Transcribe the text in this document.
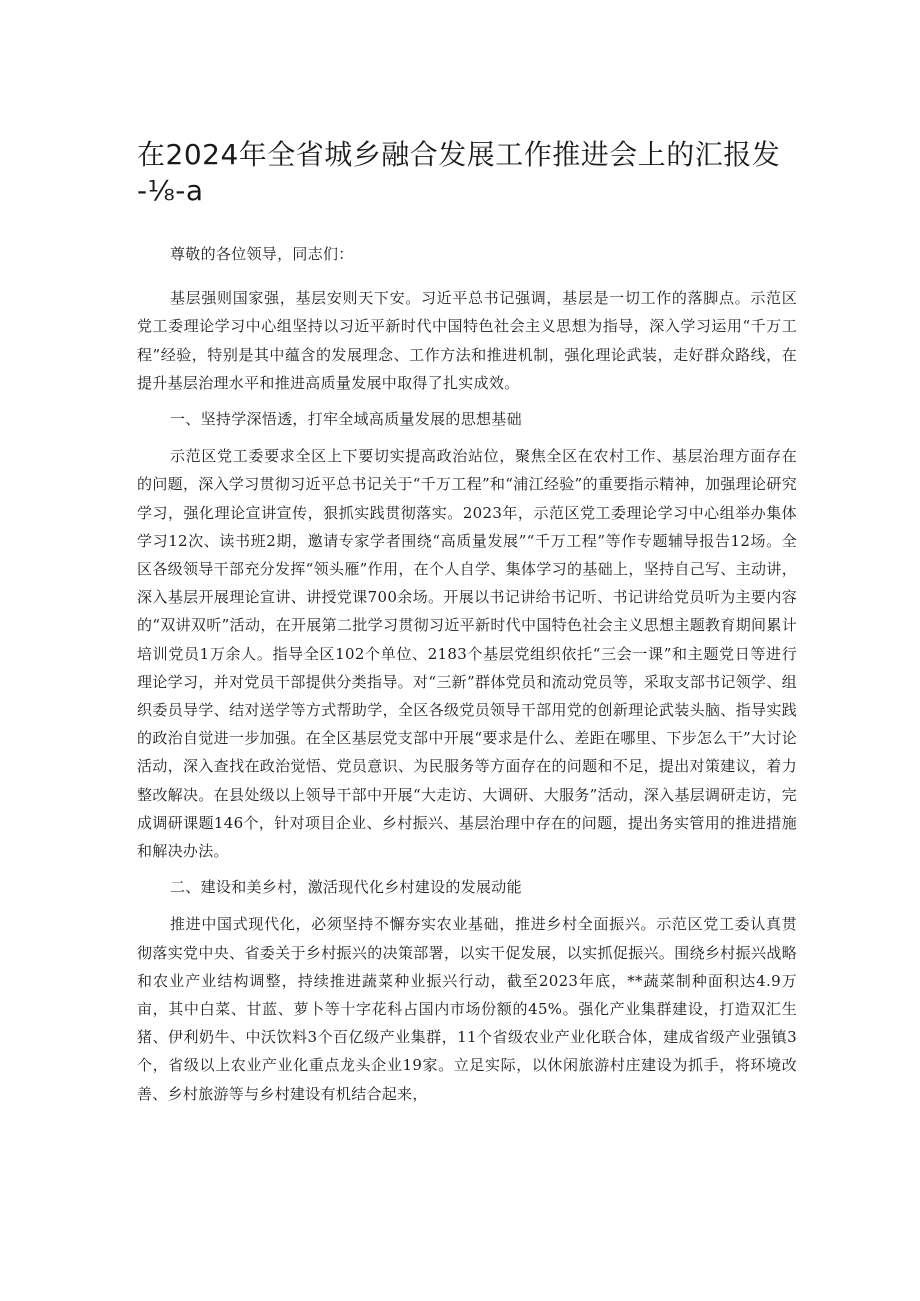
在2024年全省城乡融合发展工作推进会上的汇报发
-⅛-a

尊敬的各位领导，同志们：

基层强则国家强，基层安则天下安。习近平总书记强调，基层是一切工作的落脚点。示范区党工委理论学习中心组坚持以习近平新时代中国特色社会主义思想为指导，深入学习运用“千万工程”经验，特别是其中蕴含的发展理念、工作方法和推进机制，强化理论武装，走好群众路线，在提升基层治理水平和推进高质量发展中取得了扎实成效。

一、坚持学深悟透，打牢全域高质量发展的思想基础

示范区党工委要求全区上下要切实提高政治站位，聚焦全区在农村工作、基层治理方面存在的问题，深入学习贯彻习近平总书记关于“千万工程”和“浦江经验”的重要指示精神，加强理论研究学习，强化理论宣讲宣传，狠抓实践贯彻落实。2023年，示范区党工委理论学习中心组举办集体学习12次、读书班2期，邀请专家学者围绕“高质量发展”“千万工程”等作专题辅导报告12场。全区各级领导干部充分发挥“领头雁”作用，在个人自学、集体学习的基础上，坚持自己写、主动讲，深入基层开展理论宣讲、讲授党课700余场。开展以书记讲给书记听、书记讲给党员听为主要内容的“双讲双听”活动，在开展第二批学习贯彻习近平新时代中国特色社会主义思想主题教育期间累计培训党员1万余人。指导全区102个单位、2183个基层党组织依托“三会一课”和主题党日等进行理论学习，并对党员干部提供分类指导。对“三新”群体党员和流动党员等，采取支部书记领学、组织委员导学、结对送学等方式帮助学，全区各级党员领导干部用党的创新理论武装头脑、指导实践的政治自觉进一步加强。在全区基层党支部中开展“要求是什么、差距在哪里、下步怎么干”大讨论活动，深入查找在政治觉悟、党员意识、为民服务等方面存在的问题和不足，提出对策建议，着力整改解决。在县处级以上领导干部中开展“大走访、大调研、大服务”活动，深入基层调研走访，完成调研课题146个，针对项目企业、乡村振兴、基层治理中存在的问题，提出务实管用的推进措施和解决办法。

二、建设和美乡村，激活现代化乡村建设的发展动能

推进中国式现代化，必须坚持不懈夯实农业基础，推进乡村全面振兴。示范区党工委认真贯彻落实党中央、省委关于乡村振兴的决策部署，以实干促发展，以实抓促振兴。围绕乡村振兴战略和农业产业结构调整，持续推进蔬菜种业振兴行动，截至2023年底，**蔬菜制种面积达4.9万亩，其中白菜、甘蓝、萝卜等十字花科占国内市场份额的45%。强化产业集群建设，打造双汇生猪、伊利奶牛、中沃饮料3个百亿级产业集群，11个省级农业产业化联合体，建成省级产业强镇3个，省级以上农业产业化重点龙头企业19家。立足实际，以休闲旅游村庄建设为抓手，将环境改善、乡村旅游等与乡村建设有机结合起来，
